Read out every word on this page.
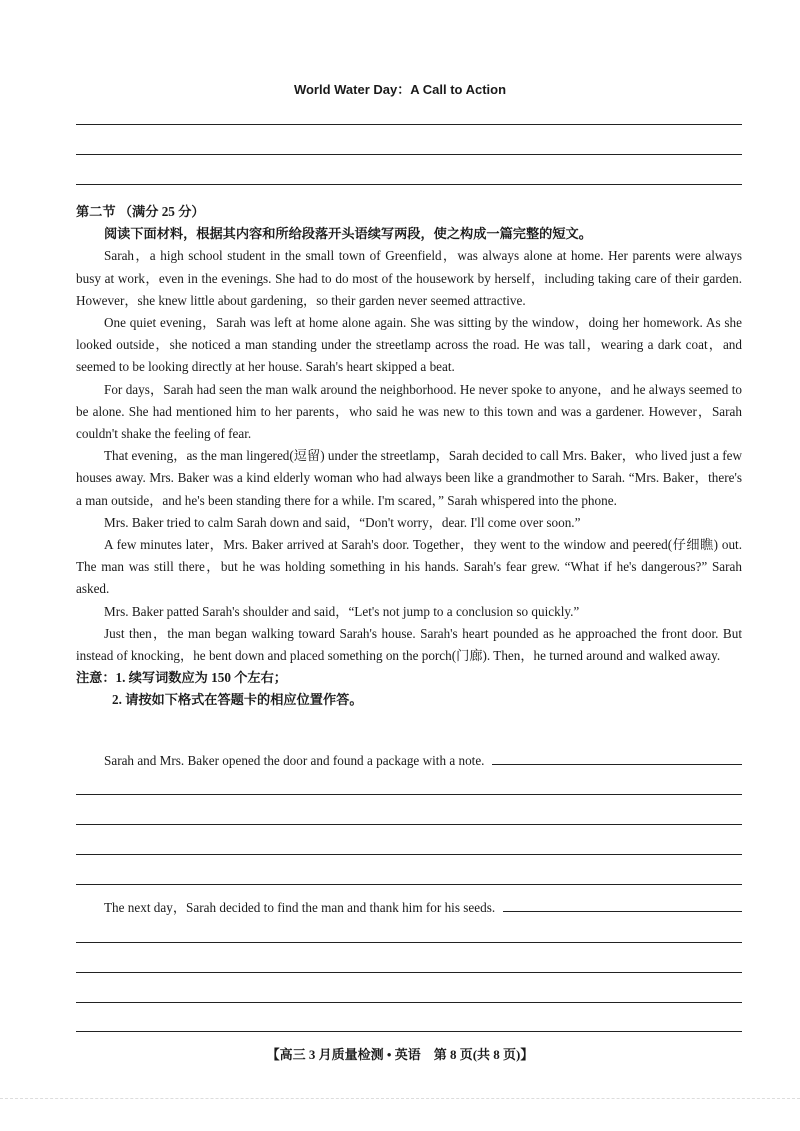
World Water Day：A Call to Action

第二节 （满分 25 分）

阅读下面材料，根据其内容和所给段落开头语续写两段，使之构成一篇完整的短文。

Sarah，a high school student in the small town of Greenfield，was always alone at home. Her parents were always busy at work，even in the evenings. She had to do most of the housework by herself，including taking care of their garden. However，she knew little about gardening，so their garden never seemed attractive.

One quiet evening，Sarah was left at home alone again. She was sitting by the window，doing her homework. As she looked outside，she noticed a man standing under the streetlamp across the road. He was tall，wearing a dark coat，and seemed to be looking directly at her house. Sarah's heart skipped a beat.

For days，Sarah had seen the man walk around the neighborhood. He never spoke to anyone，and he always seemed to be alone. She had mentioned him to her parents，who said he was new to this town and was a gardener. However，Sarah couldn't shake the feeling of fear.

That evening，as the man lingered(逗留) under the streetlamp，Sarah decided to call Mrs. Baker，who lived just a few houses away. Mrs. Baker was a kind elderly woman who had always been like a grandmother to Sarah. “Mrs. Baker，there's a man outside，and he's been standing there for a while. I'm scared，” Sarah whispered into the phone.

Mrs. Baker tried to calm Sarah down and said，“Don't worry，dear. I'll come over soon.”

A few minutes later，Mrs. Baker arrived at Sarah's door. Together，they went to the window and peered(仔细瞧) out. The man was still there，but he was holding something in his hands. Sarah's fear grew. “What if he's dangerous?” Sarah asked.

Mrs. Baker patted Sarah's shoulder and said，“Let's not jump to a conclusion so quickly.”

Just then，the man began walking toward Sarah's house. Sarah's heart pounded as he approached the front door. But instead of knocking，he bent down and placed something on the porch(门廊). Then，he turned around and walked away.

注意：1. 续写词数应为 150 个左右；

2. 请按如下格式在答题卡的相应位置作答。

Sarah and Mrs. Baker opened the door and found a package with a note.
The next day，Sarah decided to find the man and thank him for his seeds.
【高三 3 月质量检测 • 英语　第 8 页(共 8 页)】
